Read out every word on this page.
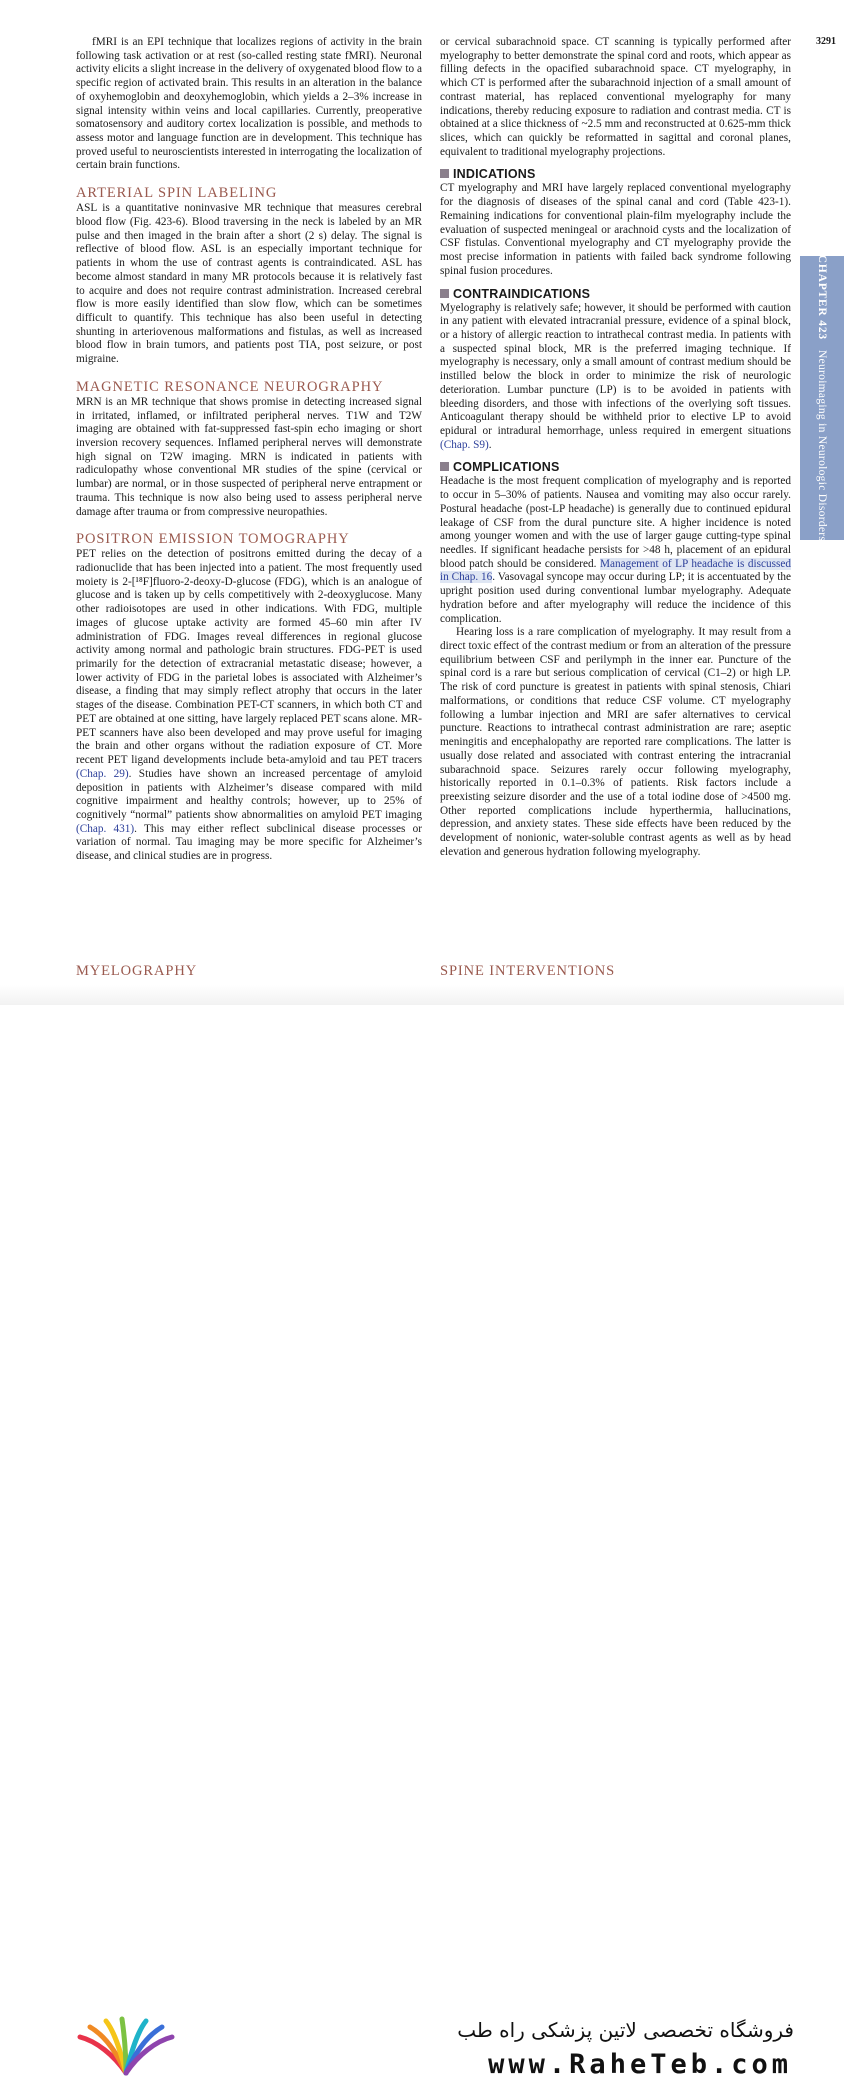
3291

fMRI is an EPI technique that localizes regions of activity in the brain following task activation or at rest (so-called resting state fMRI). Neuronal activity elicits a slight increase in the delivery of oxygenated blood flow to a specific region of activated brain. This results in an alteration in the balance of oxyhemoglobin and deoxyhemoglobin, which yields a 2–3% increase in signal intensity within veins and local capillaries. Currently, preoperative somatosensory and auditory cortex localization is possible, and methods to assess motor and language function are in development. This technique has proved useful to neuroscientists interested in interrogating the localization of certain brain functions.

ARTERIAL SPIN LABELING

ASL is a quantitative noninvasive MR technique that measures cerebral blood flow (Fig. 423-6). Blood traversing in the neck is labeled by an MR pulse and then imaged in the brain after a short (2 s) delay. The signal is reflective of blood flow. ASL is an especially important technique for patients in whom the use of contrast agents is contraindicated. ASL has become almost standard in many MR protocols because it is relatively fast to acquire and does not require contrast administration. Increased cerebral flow is more easily identified than slow flow, which can be sometimes difficult to quantify. This technique has also been useful in detecting shunting in arteriovenous malformations and fistulas, as well as increased blood flow in brain tumors, and patients post TIA, post seizure, or post migraine.

MAGNETIC RESONANCE NEUROGRAPHY

MRN is an MR technique that shows promise in detecting increased signal in irritated, inflamed, or infiltrated peripheral nerves. T1W and T2W imaging are obtained with fat-suppressed fast-spin echo imaging or short inversion recovery sequences. Inflamed peripheral nerves will demonstrate high signal on T2W imaging. MRN is indicated in patients with radiculopathy whose conventional MR studies of the spine (cervical or lumbar) are normal, or in those suspected of peripheral nerve entrapment or trauma. This technique is now also being used to assess peripheral nerve damage after trauma or from compressive neuropathies.

POSITRON EMISSION TOMOGRAPHY

PET relies on the detection of positrons emitted during the decay of a radionuclide that has been injected into a patient. The most frequently used moiety is 2-[¹⁸F]fluoro-2-deoxy-D-glucose (FDG), which is an analogue of glucose and is taken up by cells competitively with 2-deoxyglucose. Many other radioisotopes are used in other indications. With FDG, multiple images of glucose uptake activity are formed 45–60 min after IV administration of FDG. Images reveal differences in regional glucose activity among normal and pathologic brain structures. FDG-PET is used primarily for the detection of extracranial metastatic disease; however, a lower activity of FDG in the parietal lobes is associated with Alzheimer’s disease, a finding that may simply reflect atrophy that occurs in the later stages of the disease. Combination PET-CT scanners, in which both CT and PET are obtained at one sitting, have largely replaced PET scans alone. MR-PET scanners have also been developed and may prove useful for imaging the brain and other organs without the radiation exposure of CT. More recent PET ligand developments include beta-amyloid and tau PET tracers (Chap. 29). Studies have shown an increased percentage of amyloid deposition in patients with Alzheimer’s disease compared with mild cognitive impairment and healthy controls; however, up to 25% of cognitively “normal” patients show abnormalities on amyloid PET imaging (Chap. 431). This may either reflect subclinical disease processes or variation of normal. Tau imaging may be more specific for Alzheimer’s disease, and clinical studies are in progress.

or cervical subarachnoid space. CT scanning is typically performed after myelography to better demonstrate the spinal cord and roots, which appear as filling defects in the opacified subarachnoid space. CT myelography, in which CT is performed after the subarachnoid injection of a small amount of contrast material, has replaced conventional myelography for many indications, thereby reducing exposure to radiation and contrast media. CT is obtained at a slice thickness of ~2.5 mm and reconstructed at 0.625-mm thick slices, which can quickly be reformatted in sagittal and coronal planes, equivalent to traditional myelography projections.

INDICATIONS

CT myelography and MRI have largely replaced conventional myelography for the diagnosis of diseases of the spinal canal and cord (Table 423-1). Remaining indications for conventional plain-film myelography include the evaluation of suspected meningeal or arachnoid cysts and the localization of CSF fistulas. Conventional myelography and CT myelography provide the most precise information in patients with failed back syndrome following spinal fusion procedures.

CONTRAINDICATIONS

Myelography is relatively safe; however, it should be performed with caution in any patient with elevated intracranial pressure, evidence of a spinal block, or a history of allergic reaction to intrathecal contrast media. In patients with a suspected spinal block, MR is the preferred imaging technique. If myelography is necessary, only a small amount of contrast medium should be instilled below the block in order to minimize the risk of neurologic deterioration. Lumbar puncture (LP) is to be avoided in patients with bleeding disorders, and those with infections of the overlying soft tissues. Anticoagulant therapy should be withheld prior to elective LP to avoid epidural or intradural hemorrhage, unless required in emergent situations (Chap. S9).

COMPLICATIONS

Headache is the most frequent complication of myelography and is reported to occur in 5–30% of patients. Nausea and vomiting may also occur rarely. Postural headache (post-LP headache) is generally due to continued epidural leakage of CSF from the dural puncture site. A higher incidence is noted among younger women and with the use of larger gauge cutting-type spinal needles. If significant headache persists for >48 h, placement of an epidural blood patch should be considered. Management of LP headache is discussed in Chap. 16. Vasovagal syncope may occur during LP; it is accentuated by the upright position used during conventional lumbar myelography. Adequate hydration before and after myelography will reduce the incidence of this complication.

Hearing loss is a rare complication of myelography. It may result from a direct toxic effect of the contrast medium or from an alteration of the pressure equilibrium between CSF and perilymph in the inner ear. Puncture of the spinal cord is a rare but serious complication of cervical (C1–2) or high LP. The risk of cord puncture is greatest in patients with spinal stenosis, Chiari malformations, or conditions that reduce CSF volume. CT myelography following a lumbar injection and MRI are safer alternatives to cervical puncture. Reactions to intrathecal contrast administration are rare; aseptic meningitis and encephalopathy are reported rare complications. The latter is usually dose related and associated with contrast entering the intracranial subarachnoid space. Seizures rarely occur following myelography, historically reported in 0.1–0.3% of patients. Risk factors include a preexisting seizure disorder and the use of a total iodine dose of >4500 mg. Other reported complications include hyperthermia, hallucinations, depression, and anxiety states. These side effects have been reduced by the development of nonionic, water-soluble contrast agents as well as by head elevation and generous hydration following myelography.

CHAPTER 423Neuroimaging in Neurologic Disorders
MYELOGRAPHY	SPINE INTERVENTIONS
فروشگاه تخصصی لاتین پزشکی راه طب
www.RaheTeb.com
